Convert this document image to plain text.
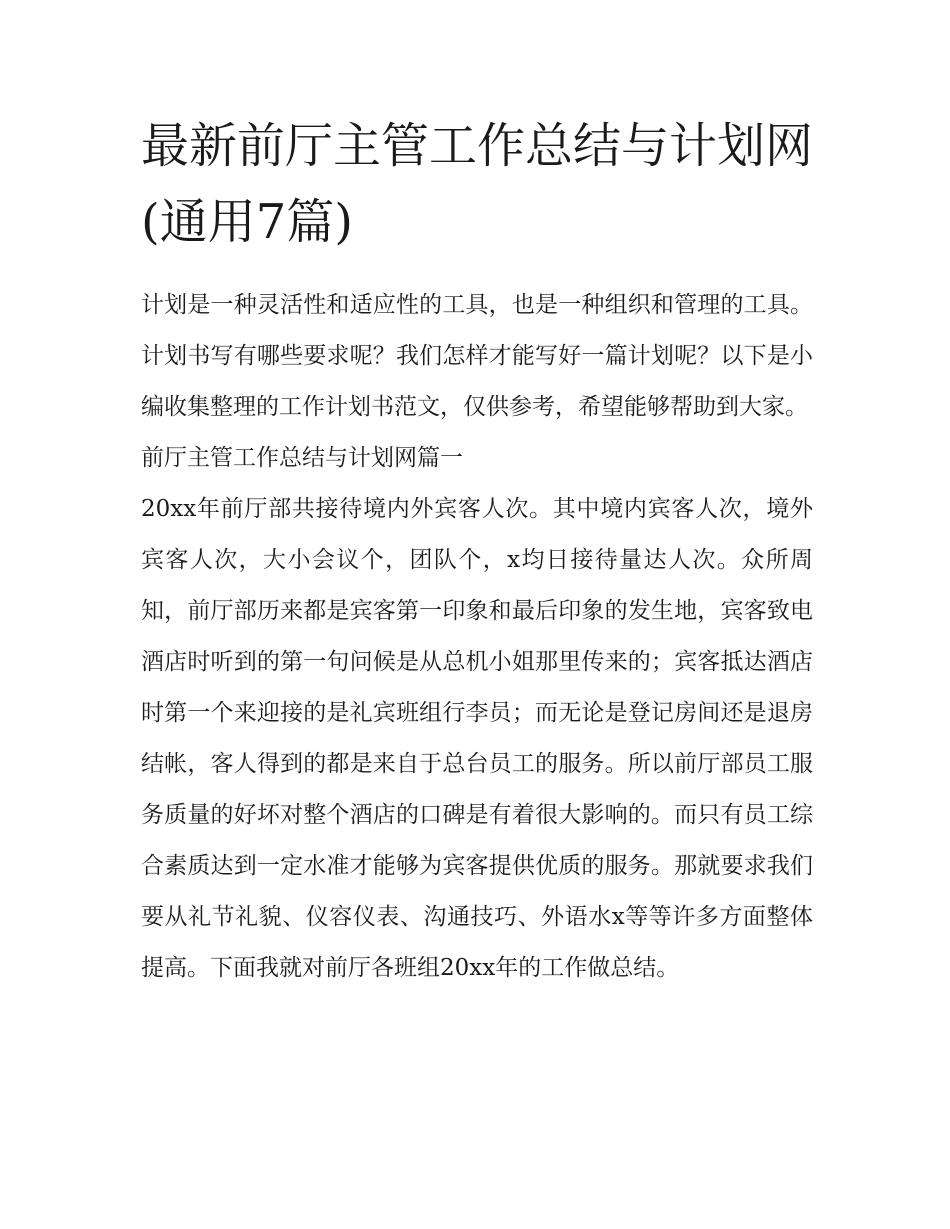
最新前厅主管工作总结与计划网(通用7篇)

计划是一种灵活性和适应性的工具，也是一种组织和管理的工具。计划书写有哪些要求呢？我们怎样才能写好一篇计划呢？以下是小编收集整理的工作计划书范文，仅供参考，希望能够帮助到大家。

前厅主管工作总结与计划网篇一

20xx年前厅部共接待境内外宾客人次。其中境内宾客人次，境外宾客人次，大小会议个，团队个，x均日接待量达人次。众所周知，前厅部历来都是宾客第一印象和最后印象的发生地，宾客致电酒店时听到的第一句问候是从总机小姐那里传来的；宾客抵达酒店时第一个来迎接的是礼宾班组行李员；而无论是登记房间还是退房结帐，客人得到的都是来自于总台员工的服务。所以前厅部员工服务质量的好坏对整个酒店的口碑是有着很大影响的。而只有员工综合素质达到一定水准才能够为宾客提供优质的服务。那就要求我们要从礼节礼貌、仪容仪表、沟通技巧、外语水x等等许多方面整体提高。下面我就对前厅各班组20xx年的工作做总结。
